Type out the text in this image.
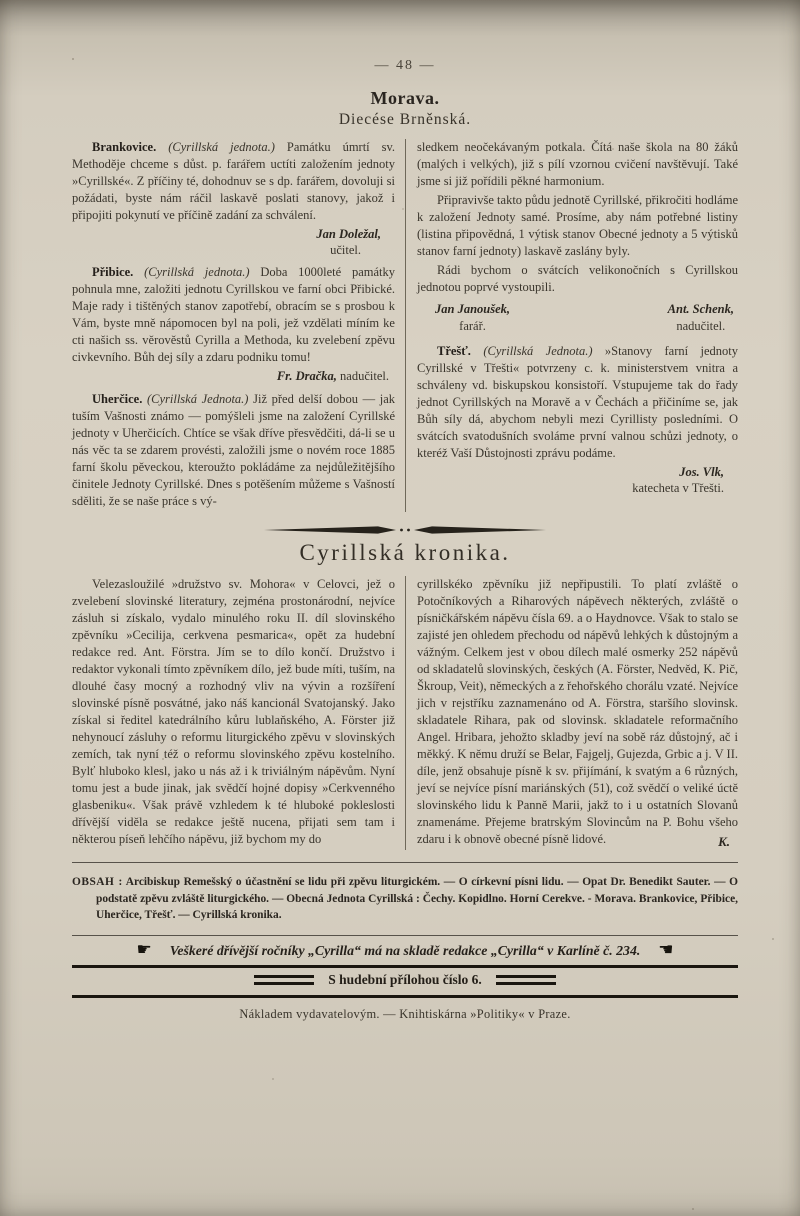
— 48 —
Morava.
Diecése Brněnská.

Brankovice. (Cyrillská jednota.) Památku úmrtí sv. Methoděje chceme s důst. p. farářem uctíti založením jednoty »Cyrillské«. Z příčiny té, dohodnuv se s dp. farářem, dovoluji si požádati, byste nám ráčil laskavě poslati stanovy, jakož i připojiti pokynutí ve příčině zadání za schválení.

Jan Doležal,
učitel.

Přibice. (Cyrillská jednota.) Doba 1000leté památky pohnula mne, založiti jednotu Cyrillskou ve farní obci Přibické. Maje rady i tištěných stanov zapotřebí, obracím se s prosbou k Vám, byste mně nápomocen byl na poli, jež vzdělati míním ke cti našich ss. věrověstů Cyrilla a Methoda, ku zvelebení zpěvu civkevního. Bůh dej síly a zdaru podniku tomu!

Fr. Dračka, nadučitel.

Uherčice. (Cyrillská Jednota.) Již před delší dobou — jak tuším Vašnosti známo — pomýšleli jsme na založení Cyrillské jednoty v Uherčicích. Chtíce se však dříve přesvědčiti, dá-li se u nás věc ta se zdarem provésti, založili jsme o novém roce 1885 farní školu pěveckou, kteroužto pokládáme za nejdůležitějšího činitele Jednoty Cyrillské. Dnes s potěšením můžeme s Vašností sděliti, že se naše práce s vý-

sledkem neočekávaným potkala. Čítá naše škola na 80 žáků (malých i velkých), již s pílí vzornou cvičení navštěvují. Také jsme si již pořídili pěkné harmonium.

Připravivše takto půdu jednotě Cyrillské, přikročiti hodláme k založení Jednoty samé. Prosíme, aby nám potřebné listiny (listina připovědná, 1 výtisk stanov Obecné jednoty a 5 výtisků stanov farní jednoty) laskavě zaslány byly.

Rádi bychom o svátcích velikonočních s Cyrillskou jednotou poprvé vystoupili.

Jan Janoušek,
farář.
Ant. Schenk,
nadučitel.

Třešť. (Cyrillská Jednota.) »Stanovy farní jednoty Cyrillské v Třešti« potvrzeny c. k. ministerstvem vnitra a schváleny vd. biskupskou konsistoří. Vstupujeme tak do řady jednot Cyrillských na Moravě a v Čechách a přičiníme se, jak Bůh síly dá, abychom nebyli mezi Cyrillisty posledními. O svátcích svatodušních svoláme první valnou schůzi jednoty, o kteréž Vaší Důstojnosti zprávu podáme.

Jos. Vlk,
katecheta v Třešti.
Cyrillská kronika.

Velezasloužilé »družstvo sv. Mohora« v Celovci, jež o zvelebení slovinské literatury, zejména prostonárodní, nejvíce zásluh si získalo, vydalo minulého roku II. díl slovinského zpěvníku »Cecilija, cerkvena pesmarica«, opět za hudební redakce red. Ant. Förstra. Jím se to dílo končí. Družstvo i redaktor vykonali tímto zpěvníkem dílo, jež bude míti, tuším, na dlouhé časy mocný a rozhodný vliv na vývin a rozšíření slovinské písně posvátné, jako náš kancionál Svatojanský. Jako získal si ředitel katedrálního kůru lublaňského, A. Förster již nehynoucí zásluhy o reformu liturgického zpěvu v slovinských zemích, tak nyní též o reformu slovinského zpěvu kostelního. Bylť hluboko klesl, jako u nás až i k triviálným nápěvům. Nyní tomu jest a bude jinak, jak svědčí hojné dopisy »Cerkvenného glasbeniku«. Však právě vzhledem k té hluboké pokleslosti dřívější viděla se redakce ještě nucena, přijati sem tam i některou píseň lehčího nápěvu, již bychom my do

cyrillskéko zpěvníku již nepřipustili. To platí zvláště o Potočníkových a Riharových nápěvech některých, zvláště o písničkářském nápěvu čísla 69. a o Haydnovce. Však to stalo se zajisté jen ohledem přechodu od nápěvů lehkých k důstojným a vážným. Celkem jest v obou dílech malé osmerky 252 nápěvů od skladatelů slovinských, českých (A. Förster, Nedvěd, K. Pič, Škroup, Veit), německých a z řehořského chorálu vzaté. Nejvíce jich v rejstříku zaznamenáno od A. Förstra, staršího slovinsk. skladatele Rihara, pak od slovinsk. skladatele reformačního Angel. Hribara, jehožto skladby jeví na sobě ráz důstojný, ač i měkký. K němu druží se Belar, Fajgelj, Gujezda, Grbic a j. V II. díle, jenž obsahuje písně k sv. přijímání, k svatým a 6 různých, jeví se nejvíce písní mariánských (51), což svědčí o veliké úctě slovinského lidu k Panně Marii, jakž to i u ostatních Slovanů znamenáme. Přejeme bratrským Slovincům na P. Bohu všeho zdaru i k obnově obecné písně lidové.	K.

OBSAH : Arcibiskup Remešský o účastnění se lidu při zpěvu liturgickém. — O církevní písni lidu. — Opat Dr. Benedikt Sauter. — O podstatě zpěvu zvláště liturgického. — Obecná Jednota Cyrillská : Čechy. Kopidlno. Horní Cerekve. - Morava. Brankovice, Přibice, Uherčice, Třešť. — Cyrillská kronika.

☛ Veškeré dřívější ročníky „Cyrilla“ má na skladě redakce „Cyrilla“ v Karlíně č. 234. ☚
S hudební přílohou číslo 6.
Nákladem vydavatelovým. — Knihtiskárna »Politiky« v Praze.
